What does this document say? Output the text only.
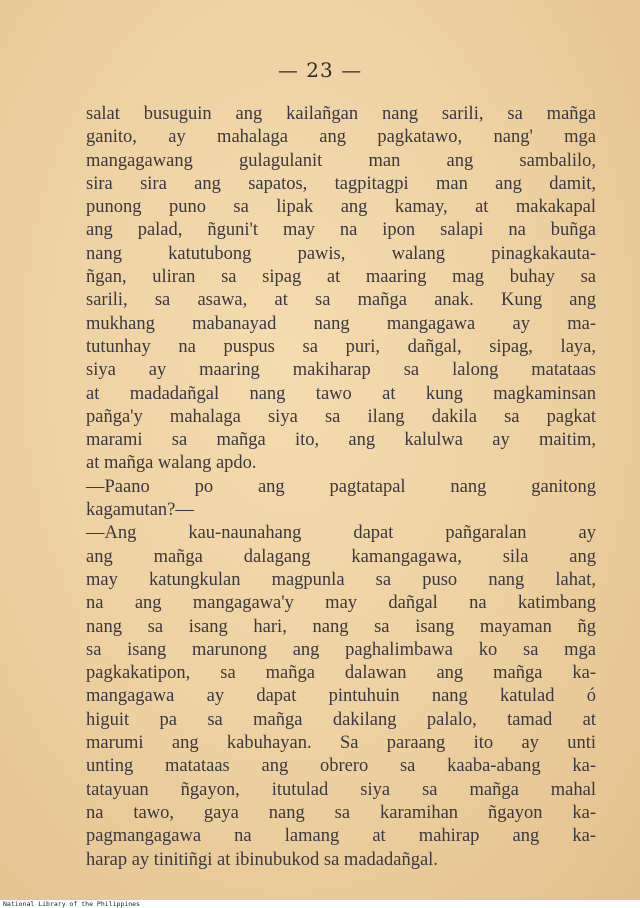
— 23 —
salat busuguin ang kailañgan nang sarili, sa mañga
ganito, ay mahalaga ang pagkatawo, nang' mga
mangagawang gulagulanit man ang sambalilo,
sira sira ang sapatos, tagpitagpi man ang damit,
punong puno sa lipak ang kamay, at makakapal
ang palad, ñguni't may na ipon salapi na buñga
nang katutubong pawis, walang pinagkakauta-
ñgan, uliran sa sipag at maaring mag buhay sa
sarili, sa asawa, at sa mañga anak. Kung ang
mukhang mabanayad nang mangagawa ay ma-
tutunhay na puspus sa puri, dañgal, sipag, laya,
siya ay maaring makiharap sa lalong matataas
at madadañgal nang tawo at kung magkaminsan
pañga'y mahalaga siya sa ilang dakila sa pagkat
marami sa mañga ito, ang kalulwa ay maitim,
at mañga walang apdo.
—Paano po ang pagtatapal nang ganitong
kagamutan?—
—Ang kau-naunahang dapat pañgaralan ay
ang mañga dalagang kamangagawa, sila ang
may katungkulan magpunla sa puso nang lahat,
na ang mangagawa'y may dañgal na katimbang
nang sa isang hari, nang sa isang mayaman ñg
sa isang marunong ang paghalimbawa ko sa mga
pagkakatipon, sa mañga dalawan ang mañga ka-
mangagawa ay dapat pintuhuin nang katulad ó
higuit pa sa mañga dakilang palalo, tamad at
marumi ang kabuhayan. Sa paraang ito ay unti
unting matataas ang obrero sa kaaba-abang ka-
tatayuan ñgayon, itutulad siya sa mañga mahal
na tawo, gaya nang sa karamihan ñgayon ka-
pagmangagawa na lamang at mahirap ang ka-
harap ay tinitiñgi at ibinubukod sa madadañgal.
National Library of the Philippines
